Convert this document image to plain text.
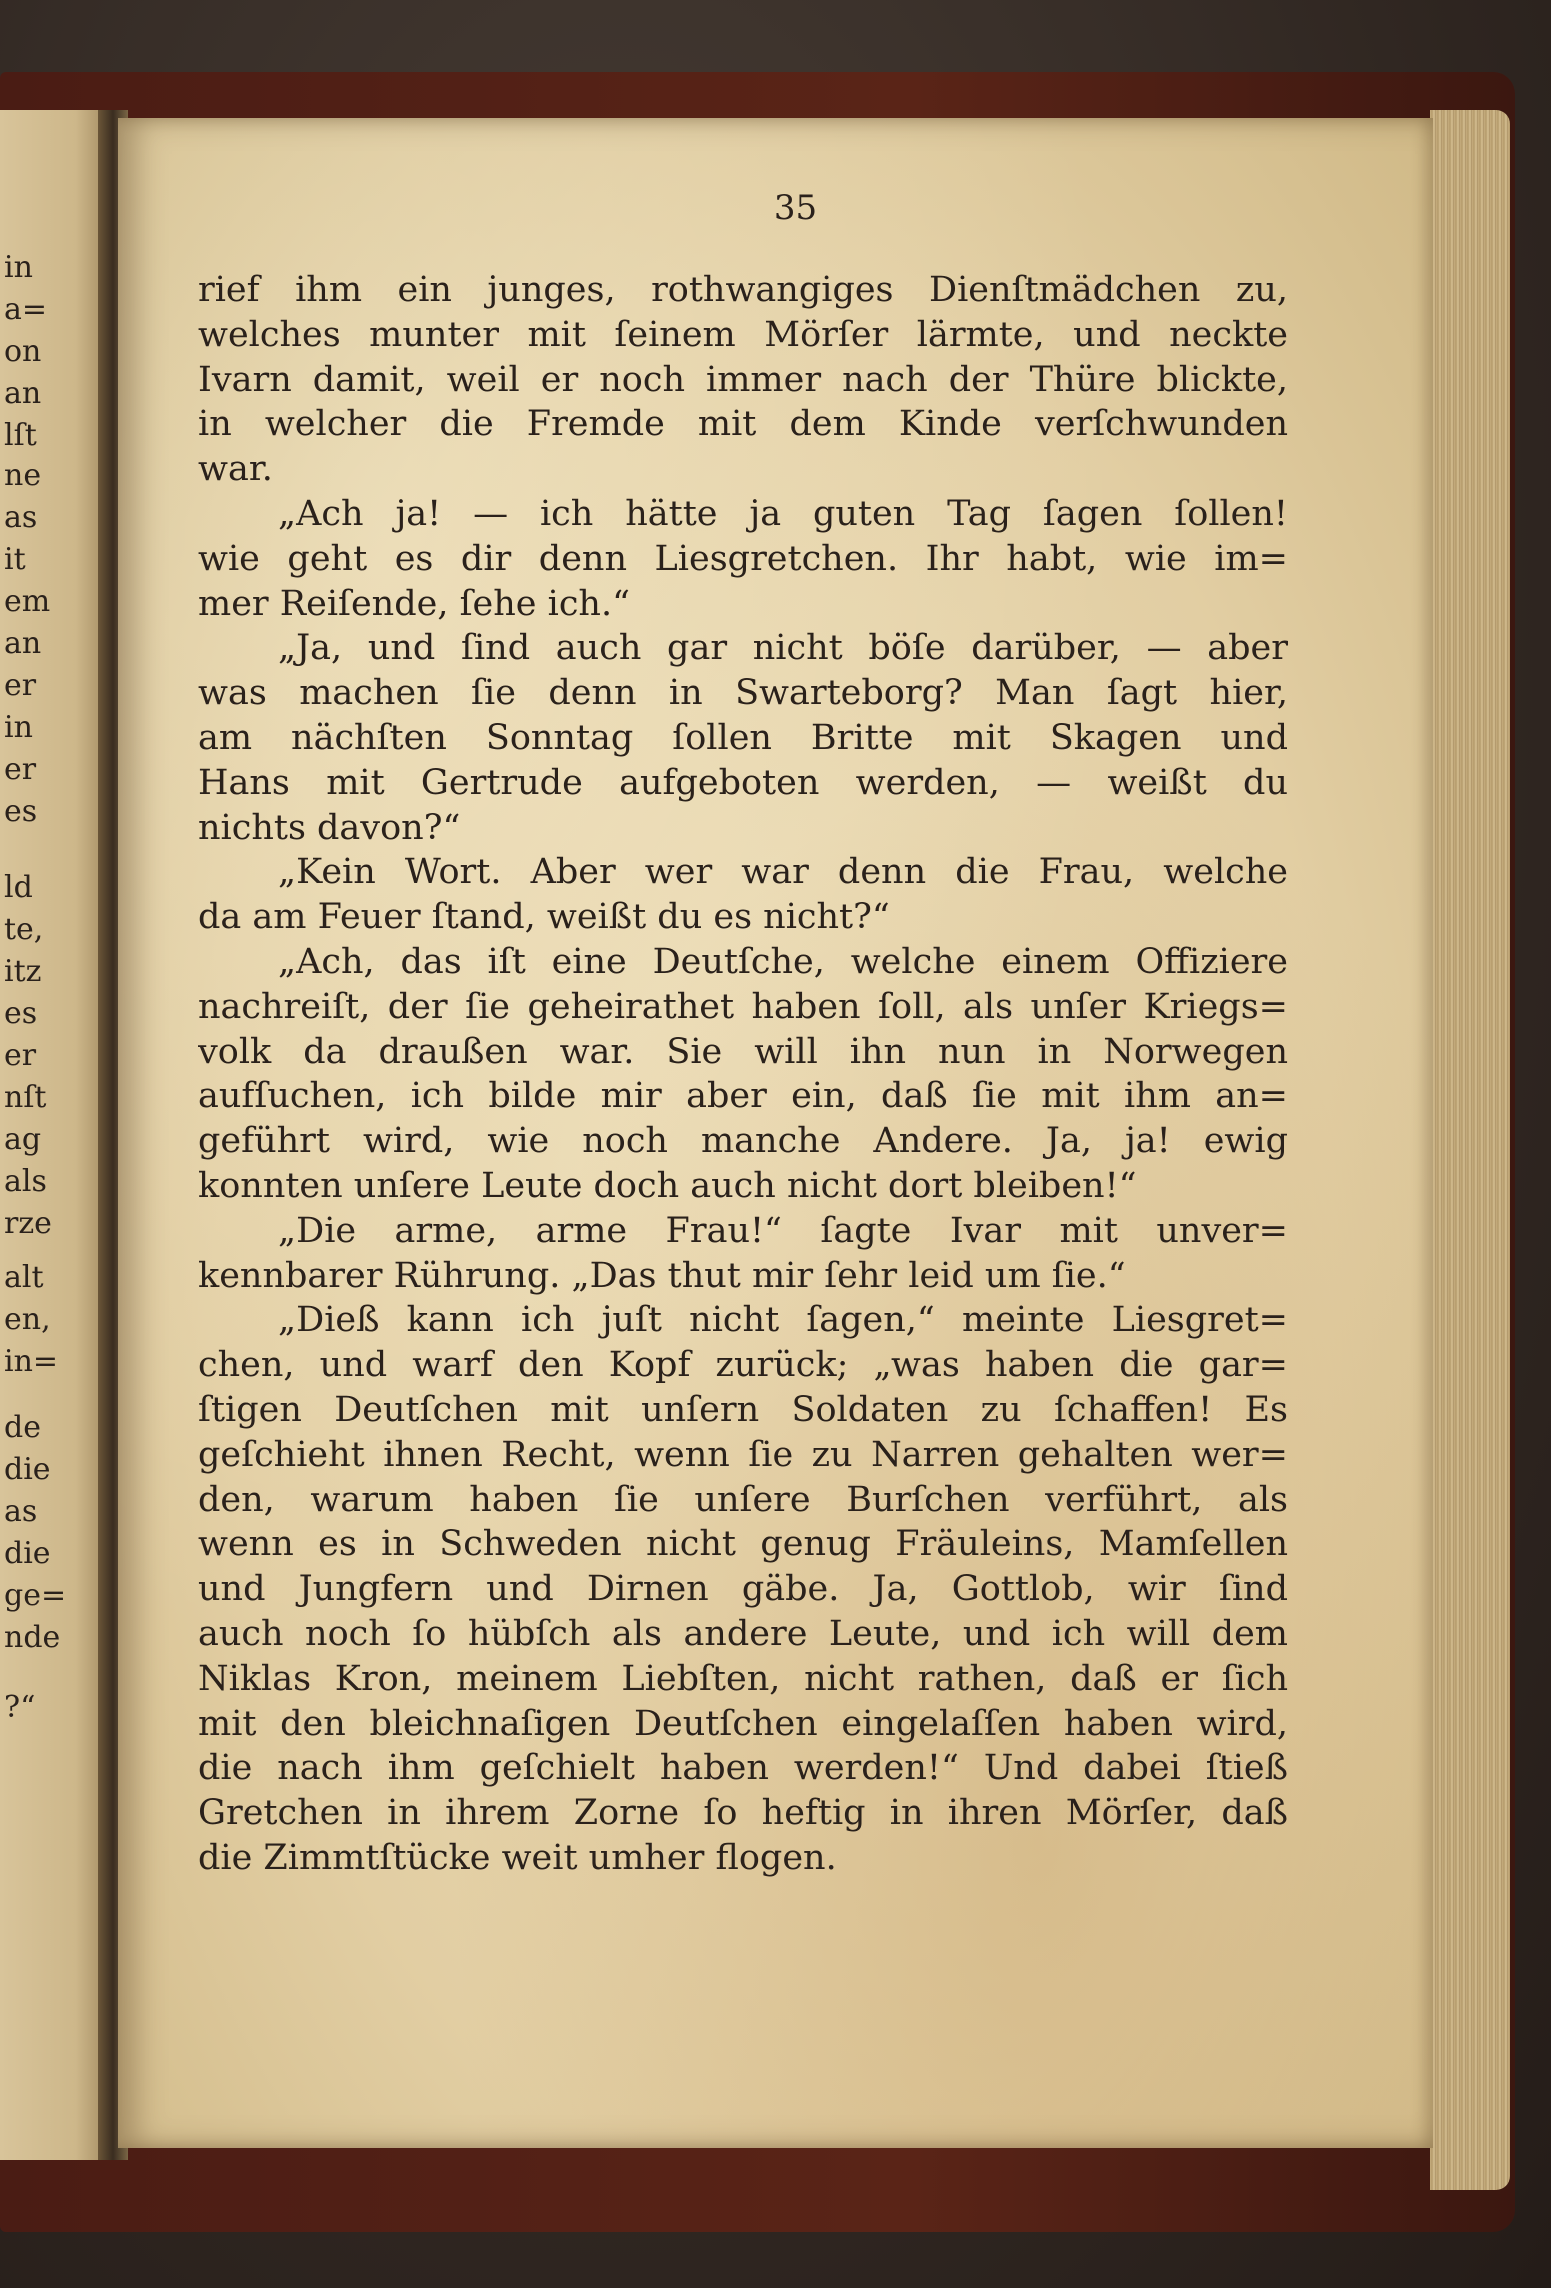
in
a=
on
an
lſt
ne
as
it
em
an
er
in
er
es
ld
te,
itz
es
er
nſt
ag
als
rze
alt
en,
in=
de
die
as
die
ge=
nde
?“
35
rief ihm ein junges, rothwangiges Dienſtmädchen zu,
welches munter mit ſeinem Mörſer lärmte, und neckte
Ivarn damit, weil er noch immer nach der Thüre blickte,
in welcher die Fremde mit dem Kinde verſchwunden
war.
„Ach ja! — ich hätte ja guten Tag ſagen ſollen!
wie geht es dir denn Liesgretchen. Ihr habt, wie im=
mer Reiſende, ſehe ich.“
„Ja, und ſind auch gar nicht böſe darüber, — aber
was machen ſie denn in Swarteborg? Man ſagt hier,
am nächſten Sonntag ſollen Britte mit Skagen und
Hans mit Gertrude aufgeboten werden, — weißt du
nichts davon?“
„Kein Wort. Aber wer war denn die Frau, welche
da am Feuer ſtand, weißt du es nicht?“
„Ach, das iſt eine Deutſche, welche einem Offiziere
nachreiſt, der ſie geheirathet haben ſoll, als unſer Kriegs=
volk da draußen war. Sie will ihn nun in Norwegen
aufſuchen, ich bilde mir aber ein, daß ſie mit ihm an=
geführt wird, wie noch manche Andere. Ja, ja! ewig
konnten unſere Leute doch auch nicht dort bleiben!“
„Die arme, arme Frau!“ ſagte Ivar mit unver=
kennbarer Rührung. „Das thut mir ſehr leid um ſie.“
„Dieß kann ich juſt nicht ſagen,“ meinte Liesgret=
chen, und warf den Kopf zurück; „was haben die gar=
ſtigen Deutſchen mit unſern Soldaten zu ſchaffen! Es
geſchieht ihnen Recht, wenn ſie zu Narren gehalten wer=
den, warum haben ſie unſere Burſchen verführt, als
wenn es in Schweden nicht genug Fräuleins, Mamſellen
und Jungfern und Dirnen gäbe. Ja, Gottlob, wir ſind
auch noch ſo hübſch als andere Leute, und ich will dem
Niklas Kron, meinem Liebſten, nicht rathen, daß er ſich
mit den bleichnaſigen Deutſchen eingelaſſen haben wird,
die nach ihm geſchielt haben werden!“ Und dabei ſtieß
Gretchen in ihrem Zorne ſo heftig in ihren Mörſer, daß
die Zimmtſtücke weit umher flogen.
